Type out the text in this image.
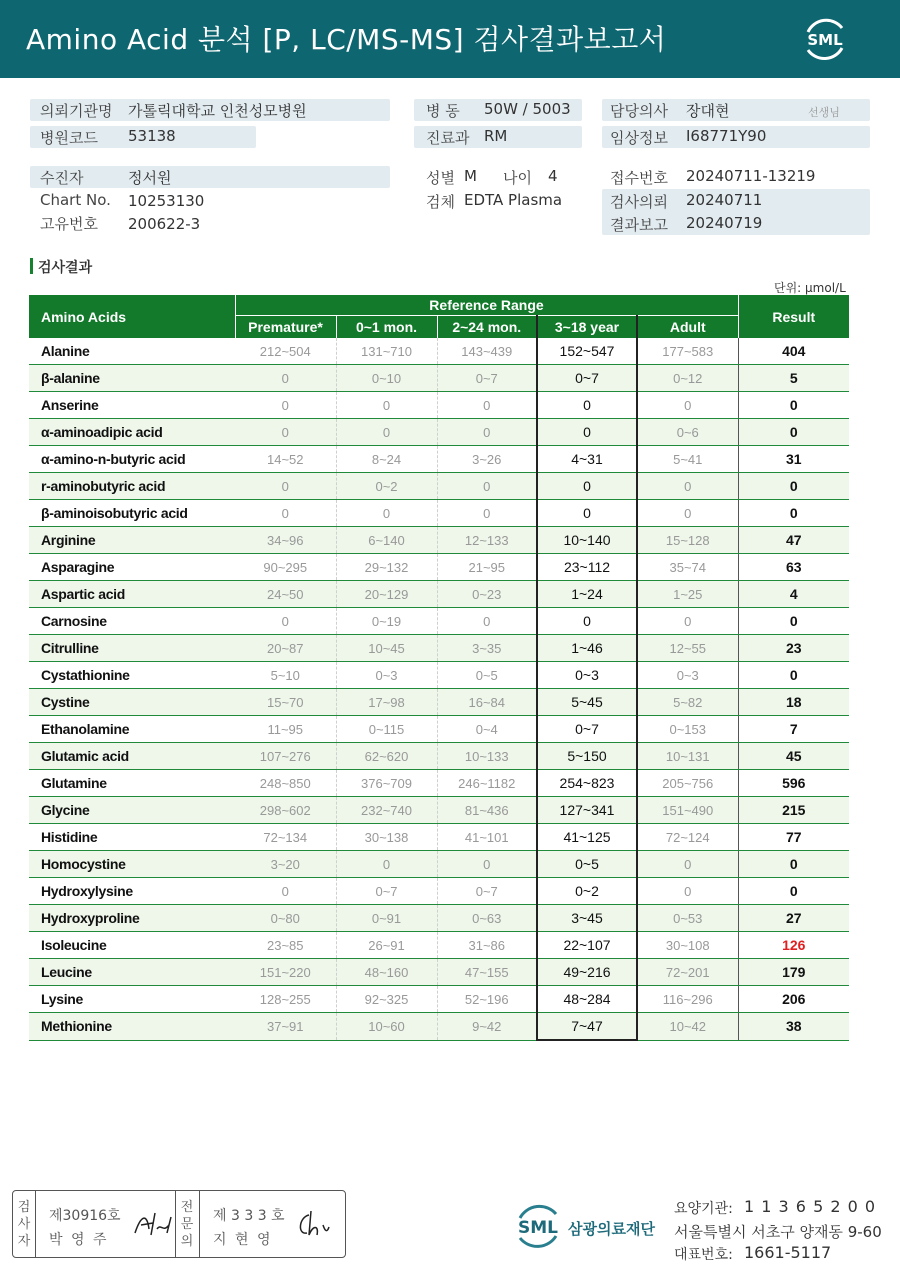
Amino Acid 분석 [P, LC/MS-MS] 검사결과보고서	SML
의뢰기관명 가톨릭대학교 인천성모병원
병원코드 53138
병 동 50W / 5003
진료과 RM
담당의사 장대현	선생님
임상정보 I68771Y90
수진자	정서원
Chart No. 10253130
고유번호 200622-3
성별 M 나이 4
검체 EDTA Plasma
접수번호 20240711-13219
검사의뢰 20240711
결과보고 20240719
검사결과
단위: μmol/L
Amino Acids	Reference Range					Result
	Premature*	0~1 mon.	2~24 mon.	3~18 year	Adult	
Alanine	212~504	131~710	143~439	152~547	177~583	404
β-alanine	0	0~10	0~7	0~7	0~12	5
Anserine	0	0	0	0	0	0
α-aminoadipic acid	0	0	0	0	0~6	0
α-amino-n-butyric acid	14~52	8~24	3~26	4~31	5~41	31
r-aminobutyric acid	0	0~2	0	0	0	0
β-aminoisobutyric acid	0	0	0	0	0	0
Arginine	34~96	6~140	12~133	10~140	15~128	47
Asparagine	90~295	29~132	21~95	23~112	35~74	63
Aspartic acid	24~50	20~129	0~23	1~24	1~25	4
Carnosine	0	0~19	0	0	0	0
Citrulline	20~87	10~45	3~35	1~46	12~55	23
Cystathionine	5~10	0~3	0~5	0~3	0~3	0
Cystine	15~70	17~98	16~84	5~45	5~82	18
Ethanolamine	11~95	0~115	0~4	0~7	0~153	7
Glutamic acid	107~276	62~620	10~133	5~150	10~131	45
Glutamine	248~850	376~709	246~1182	254~823	205~756	596
Glycine	298~602	232~740	81~436	127~341	151~490	215
Histidine	72~134	30~138	41~101	41~125	72~124	77
Homocystine	3~20	0	0	0~5	0	0
Hydroxylysine	0	0~7	0~7	0~2	0	0
Hydroxyproline	0~80	0~91	0~63	3~45	0~53	27
Isoleucine	23~85	26~91	31~86	22~107	30~108	126
Leucine	151~220	48~160	47~155	49~216	72~201	179
Lysine	128~255	92~325	52~196	48~284	116~296	206
Methionine	37~91	10~60	9~42	7~47	10~42	38
검
사
자
제30916호
박 영 주
전
문
의
제 3 3 3 호
지 현 영
SML 삼광의료재단
요양기관: 1 1 3 6 5 2 0 0
서울특별시 서초구 양재동 9-60
대표번호: 1661-5117
